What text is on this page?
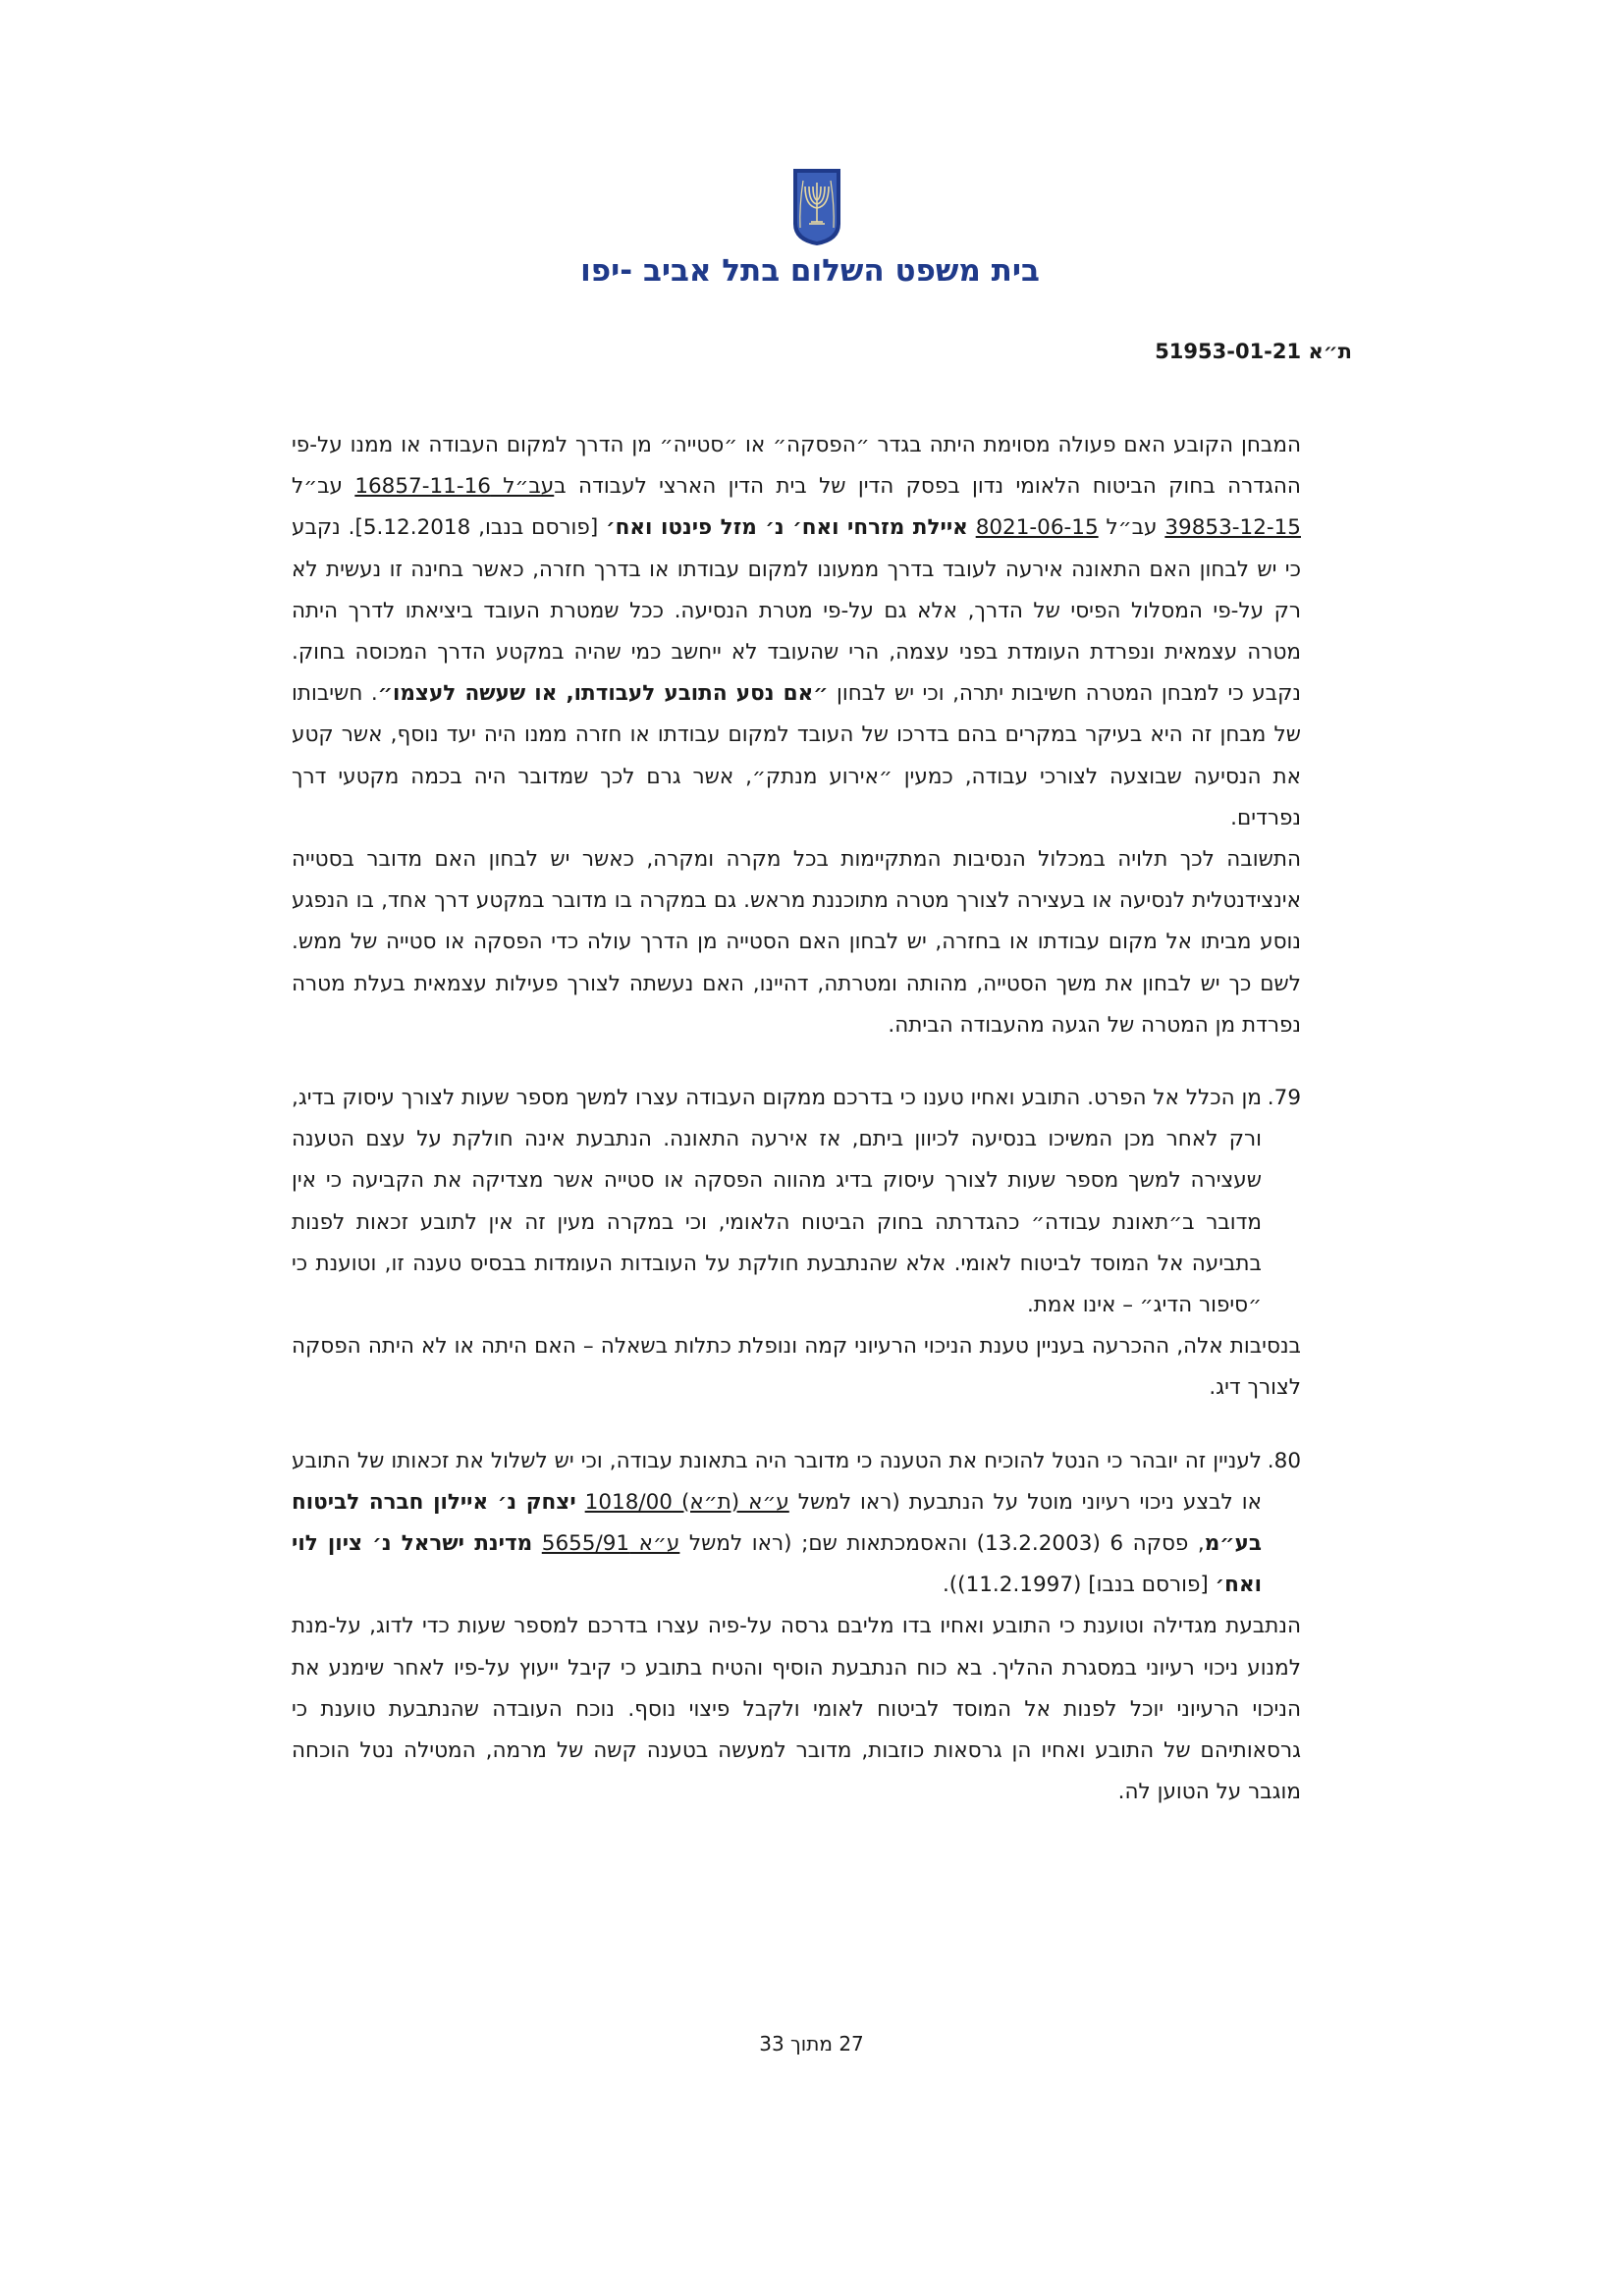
בית משפט השלום בתל אביב -יפו
ת״א 51953-01-21

המבחן הקובע האם פעולה מסוימת היתה בגדר ״הפסקה״ או ״סטייה״ מן הדרך למקום העבודה או ממנו על-פי ההגדרה בחוק הביטוח הלאומי נדון בפסק הדין של בית הדין הארצי לעבודה בעב״ל 16857-11-16 עב״ל 39853-12-15 עב״ל 8021-06-15 איילת מזרחי ואח׳ נ׳ מזל פינטו ואח׳ [פורסם בנבו, 5.12.2018]. נקבע כי יש לבחון האם התאונה אירעה לעובד בדרך ממעונו למקום עבודתו או בדרך חזרה, כאשר בחינה זו נעשית לא רק על-פי המסלול הפיסי של הדרך, אלא גם על-פי מטרת הנסיעה. ככל שמטרת העובד ביציאתו לדרך היתה מטרה עצמאית ונפרדת העומדת בפני עצמה, הרי שהעובד לא ייחשב כמי שהיה במקטע הדרך המכוסה בחוק. נקבע כי למבחן המטרה חשיבות יתרה, וכי יש לבחון ״אם נסע התובע לעבודתו, או שעשה לעצמו״. חשיבותו של מבחן זה היא בעיקר במקרים בהם בדרכו של העובד למקום עבודתו או חזרה ממנו היה יעד נוסף, אשר קטע את הנסיעה שבוצעה לצורכי עבודה, כמעין ״אירוע מנתק״, אשר גרם לכך שמדובר היה בכמה מקטעי דרך נפרדים.

התשובה לכך תלויה במכלול הנסיבות המתקיימות בכל מקרה ומקרה, כאשר יש לבחון האם מדובר בסטייה אינצידנטלית לנסיעה או בעצירה לצורך מטרה מתוכננת מראש. גם במקרה בו מדובר במקטע דרך אחד, בו הנפגע נוסע מביתו אל מקום עבודתו או בחזרה, יש לבחון האם הסטייה מן הדרך עולה כדי הפסקה או סטייה של ממש. לשם כך יש לבחון את משך הסטייה, מהותה ומטרתה, דהיינו, האם נעשתה לצורך פעילות עצמאית בעלת מטרה נפרדת מן המטרה של הגעה מהעבודה הביתה.

79.

מן הכלל אל הפרט. התובע ואחיו טענו כי בדרכם ממקום העבודה עצרו למשך מספר שעות לצורך עיסוק בדיג, ורק לאחר מכן המשיכו בנסיעה לכיוון ביתם, אז אירעה התאונה. הנתבעת אינה חולקת על עצם הטענה שעצירה למשך מספר שעות לצורך עיסוק בדיג מהווה הפסקה או סטייה אשר מצדיקה את הקביעה כי אין מדובר ב״תאונת עבודה״ כהגדרתה בחוק הביטוח הלאומי, וכי במקרה מעין זה אין לתובע זכאות לפנות בתביעה אל המוסד לביטוח לאומי. אלא שהנתבעת חולקת על העובדות העומדות בבסיס טענה זו, וטוענת כי ״סיפור הדיג״ – אינו אמת.

בנסיבות אלה, ההכרעה בעניין טענת הניכוי הרעיוני קמה ונופלת כתלות בשאלה – האם היתה או לא היתה הפסקה לצורך דיג.

80.

לעניין זה יובהר כי הנטל להוכיח את הטענה כי מדובר היה בתאונת עבודה, וכי יש לשלול את זכאותו של התובע או לבצע ניכוי רעיוני מוטל על הנתבעת (ראו למשל ע״א (ת״א) 1018/00 יצחק נ׳ איילון חברה לביטוח בע״מ, פסקה 6 (13.2.2003) והאסמכתאות שם; (ראו למשל ע״א 5655/91 מדינת ישראל נ׳ ציון לוי ואח׳ [פורסם בנבו] (11.2.1997)).

הנתבעת מגדילה וטוענת כי התובע ואחיו בדו מליבם גרסה על-פיה עצרו בדרכם למספר שעות כדי לדוג, על-מנת למנוע ניכוי רעיוני במסגרת ההליך. בא כוח הנתבעת הוסיף והטיח בתובע כי קיבל ייעוץ על-פיו לאחר שימנע את הניכוי הרעיוני יוכל לפנות אל המוסד לביטוח לאומי ולקבל פיצוי נוסף. נוכח העובדה שהנתבעת טוענת כי גרסאותיהם של התובע ואחיו הן גרסאות כוזבות, מדובר למעשה בטענה קשה של מרמה, המטילה נטל הוכחה מוגבר על הטוען לה.

27 מתוך 33
